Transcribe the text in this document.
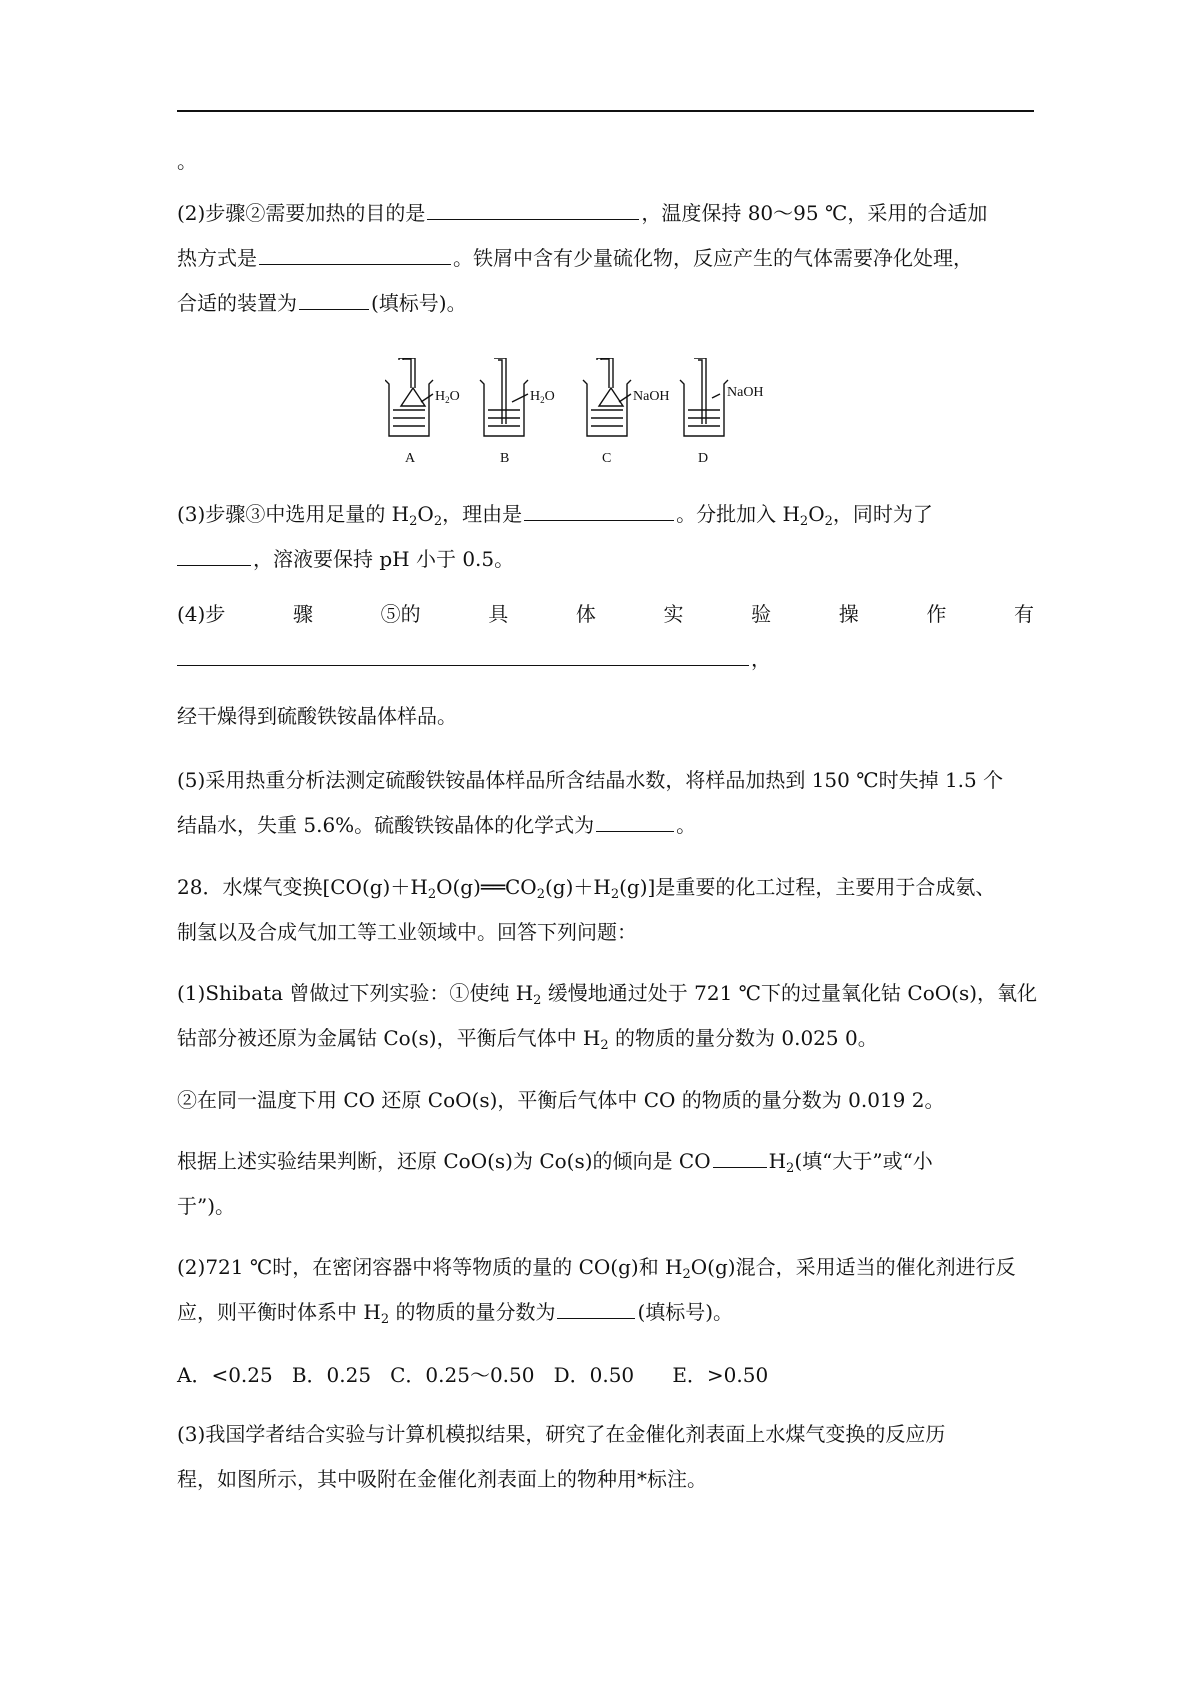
。
(2)步骤②需要加热的目的是	，温度保持 80～95 ℃，采用的合适加
热方式是	。铁屑中含有少量硫化物，反应产生的气体需要净化处理，
合适的装置为	(填标号)。
$H_2O$	$H_2O$	NaOH	NaOH
A	B	C	D
(3)步骤③中选用足量的 $H_2O_2$，理由是	。分批加入 $H_2O_2$，同时为了
，溶液要保持 pH 小于 0.5。
(4)步	骤	⑤的	具	体	实	验	操	作	有
，
经干燥得到硫酸铁铵晶体样品。
(5)采用热重分析法测定硫酸铁铵晶体样品所含结晶水数，将样品加热到 150 ℃时失掉 1.5 个
结晶水，失重 5.6%。硫酸铁铵晶体的化学式为	。
28．水煤气变换$[CO(g)+H_2O(g)══CO_2(g)+H_2(g)]$是重要的化工过程，主要用于合成氨、
制氢以及合成气加工等工业领域中。回答下列问题：
(1)Shibata 曾做过下列实验：①使纯 $H_2$ 缓慢地通过处于 721 ℃下的过量氧化钴 CoO(s)，氧化
钴部分被还原为金属钴 Co(s)，平衡后气体中 $H_2$ 的物质的量分数为 0.025 0。
②在同一温度下用 CO 还原 CoO(s)，平衡后气体中 CO 的物质的量分数为 0.019 2。
根据上述实验结果判断，还原 CoO(s)为 Co(s)的倾向是 CO	$H_2$(填“大于”或“小
于”)。
(2)721 ℃时，在密闭容器中将等物质的量的 CO(g)和 $H_2O(g)$混合，采用适当的催化剂进行反
应，则平衡时体系中 $H_2$ 的物质的量分数为	(填标号)。
A．<0.25 B．0.25 C．0.25～0.50 D．0.50 E．>0.50
(3)我国学者结合实验与计算机模拟结果，研究了在金催化剂表面上水煤气变换的反应历
程，如图所示，其中吸附在金催化剂表面上的物种用*标注。
